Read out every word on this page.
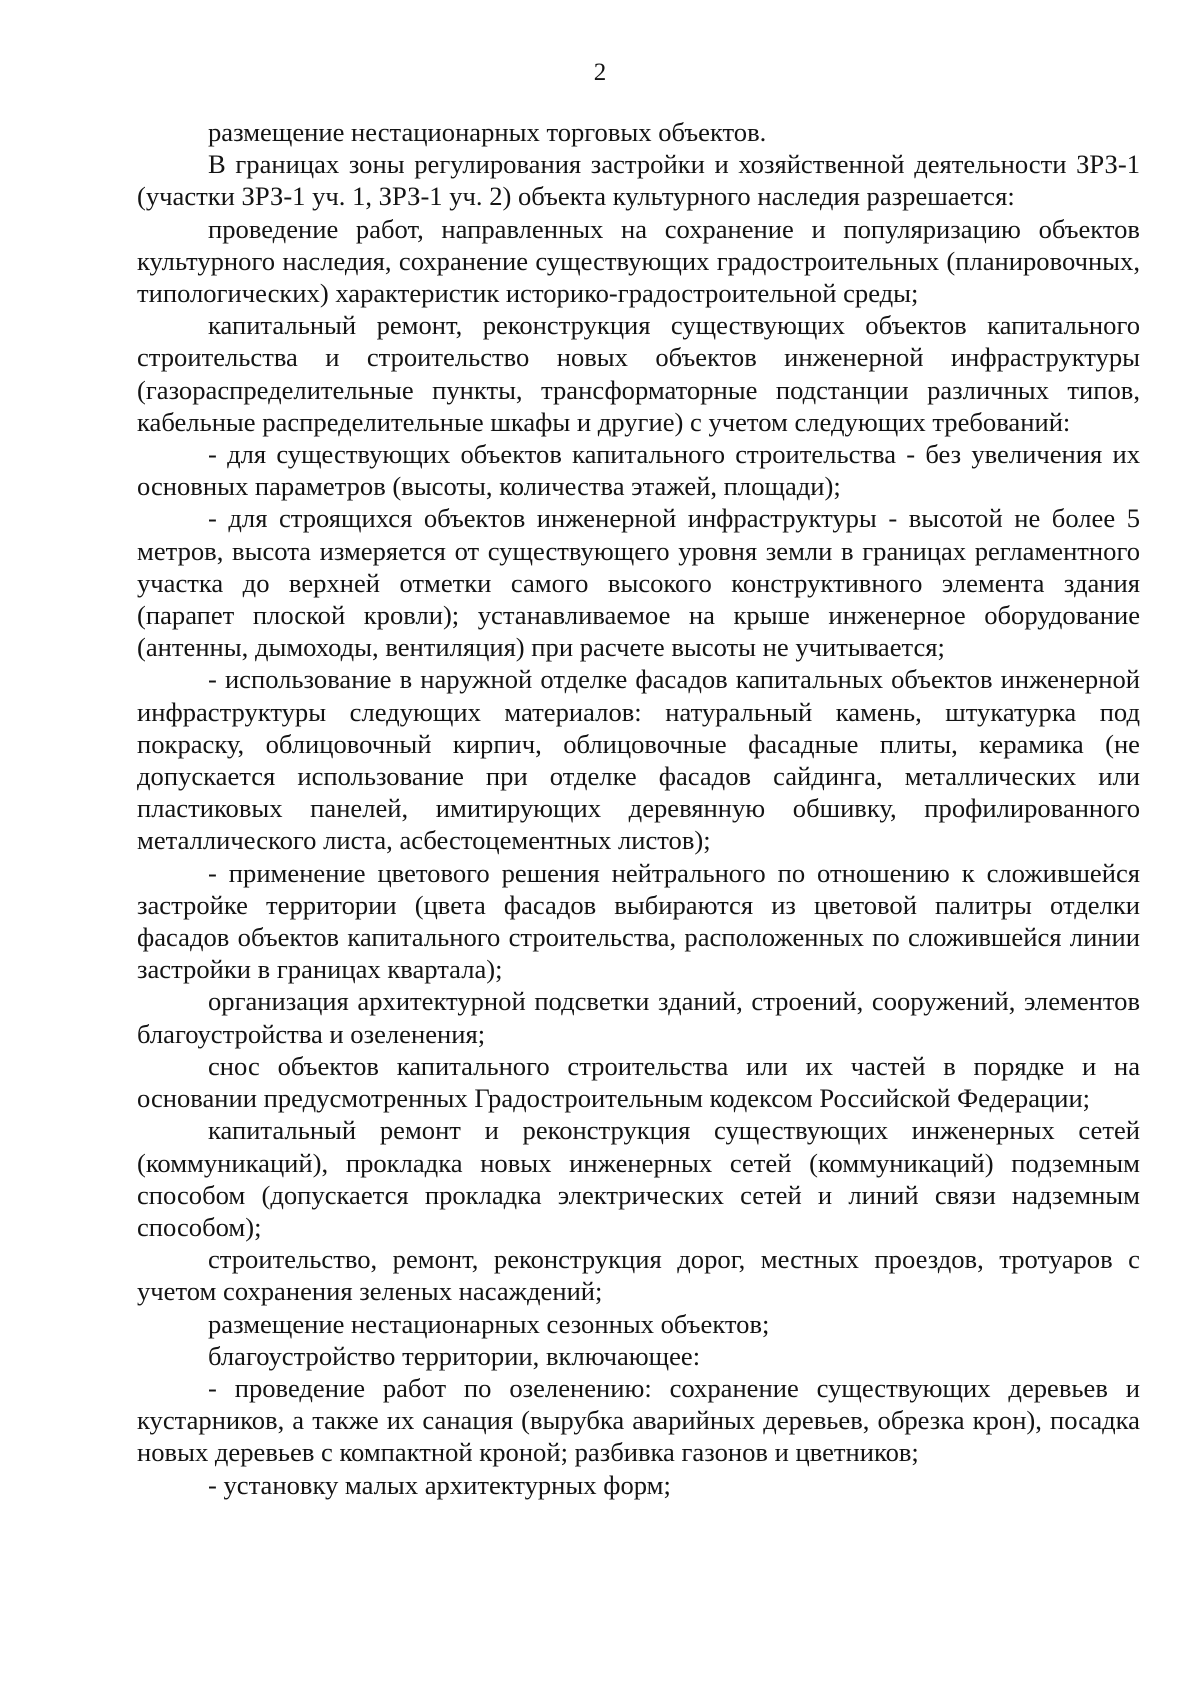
2

размещение нестационарных торговых объектов.

В границах зоны регулирования застройки и хозяйственной деятельности ЗРЗ-1 (участки ЗРЗ-1 уч. 1, ЗРЗ-1 уч. 2) объекта культурного наследия разрешается:

проведение работ, направленных на сохранение и популяризацию объектов культурного наследия, сохранение существующих градостроительных (планировочных, типологических) характеристик историко-градостроительной среды;

капитальный ремонт, реконструкция существующих объектов капитального строительства и строительство новых объектов инженерной инфраструктуры (газораспределительные пункты, трансформаторные подстанции различных типов, кабельные распределительные шкафы и другие) с учетом следующих требований:

- для существующих объектов капитального строительства - без увеличения их основных параметров (высоты, количества этажей, площади);

- для строящихся объектов инженерной инфраструктуры - высотой не более 5 метров, высота измеряется от существующего уровня земли в границах регламентного участка до верхней отметки самого высокого конструктивного элемента здания (парапет плоской кровли); устанавливаемое на крыше инженерное оборудование (антенны, дымоходы, вентиляция) при расчете высоты не учитывается;

- использование в наружной отделке фасадов капитальных объектов инженерной инфраструктуры следующих материалов: натуральный камень, штукатурка под покраску, облицовочный кирпич, облицовочные фасадные плиты, керамика (не допускается использование при отделке фасадов сайдинга, металлических или пластиковых панелей, имитирующих деревянную обшивку, профилированного металлического листа, асбестоцементных листов);

- применение цветового решения нейтрального по отношению к сложившейся застройке территории (цвета фасадов выбираются из цветовой палитры отделки фасадов объектов капитального строительства, расположенных по сложившейся линии застройки в границах квартала);

организация архитектурной подсветки зданий, строений, сооружений, элементов благоустройства и озеленения;

снос объектов капитального строительства или их частей в порядке и на основании предусмотренных Градостроительным кодексом Российской Федерации;

капитальный ремонт и реконструкция существующих инженерных сетей (коммуникаций), прокладка новых инженерных сетей (коммуникаций) подземным способом (допускается прокладка электрических сетей и линий связи надземным способом);

строительство, ремонт, реконструкция дорог, местных проездов, тротуаров с учетом сохранения зеленых насаждений;

размещение нестационарных сезонных объектов;

благоустройство территории, включающее:

- проведение работ по озеленению: сохранение существующих деревьев и кустарников, а также их санация (вырубка аварийных деревьев, обрезка крон), посадка новых деревьев с компактной кроной; разбивка газонов и цветников;

- установку малых архитектурных форм;
